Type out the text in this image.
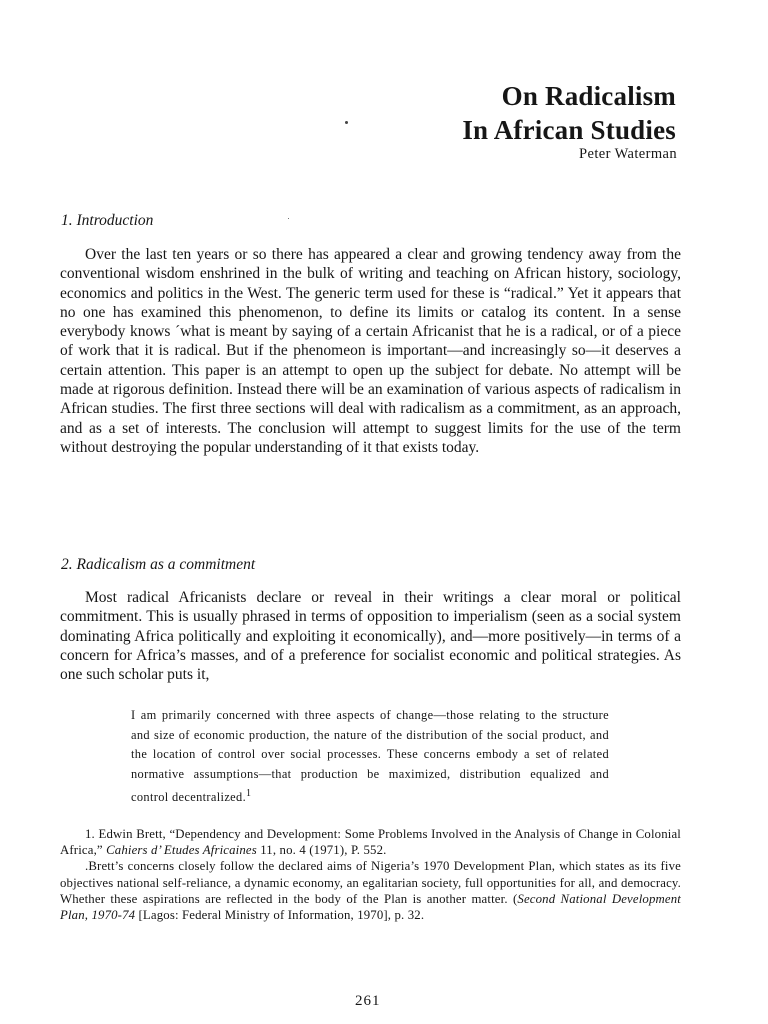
On Radicalism
In African Studies
Peter Waterman
1. Introduction

Over the last ten years or so there has appeared a clear and growing tendency away from the conventional wisdom enshrined in the bulk of writing and teaching on African history, sociology, economics and politics in the West. The generic term used for these is “radical.” Yet it appears that no one has examined this phenomenon, to define its limits or catalog its content. In a sense everybody knows ´what is meant by saying of a certain Africanist that he is a radical, or of a piece of work that it is radical. But if the phenomeon is important—and increasingly so—it deserves a certain attention. This paper is an attempt to open up the subject for debate. No attempt will be made at rigorous definition. Instead there will be an examination of various aspects of radicalism in African studies. The first three sections will deal with radicalism as a commitment, as an approach, and as a set of interests. The conclusion will attempt to suggest limits for the use of the term without destroying the popular understanding of it that exists today.

2. Radicalism as a commitment

Most radical Africanists declare or reveal in their writings a clear moral or political commitment. This is usually phrased in terms of opposition to imperialism (seen as a social system dominating Africa politically and exploiting it economically), and—more positively—in terms of a concern for Africa’s masses, and of a preference for socialist economic and political strategies. As one such scholar puts it,

I am primarily concerned with three aspects of change—those relating to the structure and size of economic production, the nature of the distribution of the social product, and the location of control over social processes. These concerns embody a set of related normative assumptions—that production be maximized, distribution equalized and control decentralized.$^1$

1. Edwin Brett, “Dependency and Development: Some Problems Involved in the Analysis of Change in Colonial Africa,” Cahiers d’ Etudes Africaines 11, no. 4 (1971), P. 552.

.Brett’s concerns closely follow the declared aims of Nigeria’s 1970 Development Plan, which states as its five objectives national self-reliance, a dynamic economy, an egalitarian society, full opportunities for all, and democracy. Whether these aspirations are reflected in the body of the Plan is another matter. (Second National Development Plan, 1970-74 [Lagos: Federal Ministry of Information, 1970], p. 32.

261
